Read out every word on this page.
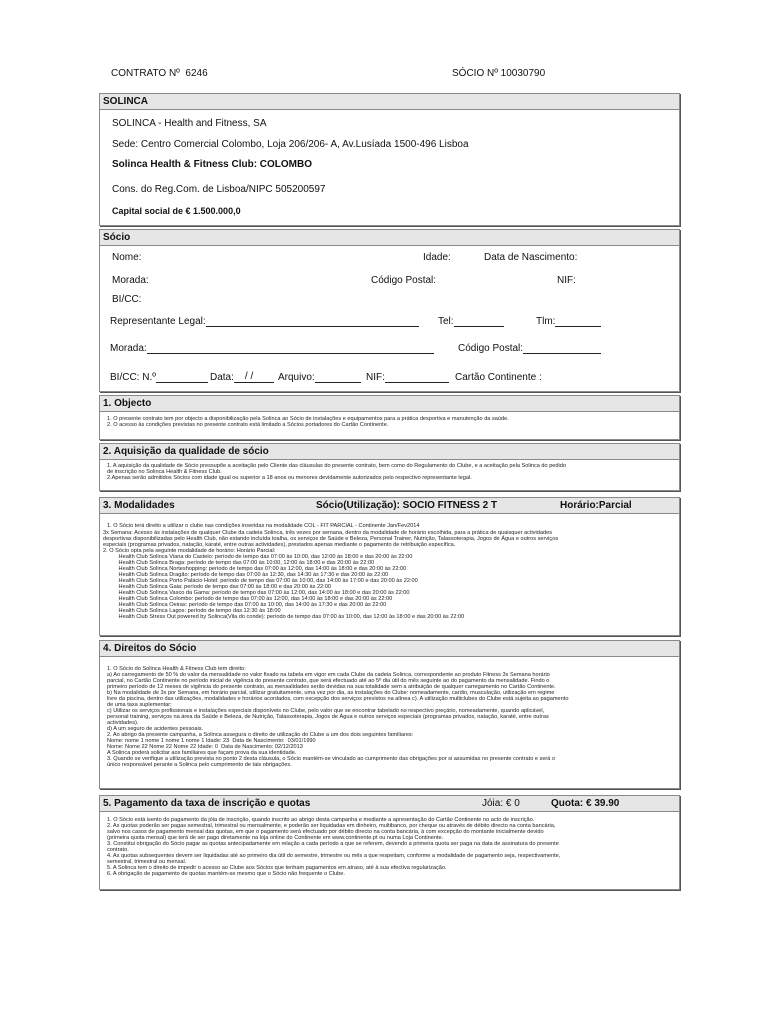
CONTRATO Nº 6246	SÓCIO Nº 10030790
SOLINCA
SOLINCA - Health and Fitness, SA
Sede: Centro Comercial Colombo, Loja 206/206- A, Av.Lusíada 1500-496 Lisboa
Solinca Health & Fitness Club: COLOMBO
Cons. do Reg.Com. de Lisboa/NIPC 505200597
Capital social de € 1.500.000,0
Sócio
Nome:	Idade:	Data de Nascimento:
Morada:	Código Postal:	NIF:
BI/CC:
Representante Legal:	Tel:	Tlm:
Morada:	Código Postal:
BI/CC: N.º	Data: / / Arquivo:	NIF:	Cartão Continente :
1. Objecto
1. O presente contrato tem por objecto a disponibilização pela Solinca ao Sócio de instalações e equipamentos para a prática desportiva e manutenção da saúde.
2. O acesso às condições previstas no presente contrato está limitado a Sócios portadores do Cartão Continente.
2. Aquisição da qualidade de sócio
1. A aquisição da qualidade de Sócio pressupõe a aceitação pelo Cliente das cláusulas do presente contrato, bem como do Regulamento do Clube, e a aceitação pela Solinca do pedido
de inscrição no Solinca Health & Fitness Club.
2.Apenas serão admitidos Sócios com idade igual ou superior a 18 anos ou menores devidamente autorizados pelo respectivo representante legal.
3. Modalidades	Sócio(Utilização): SOCIO FITNESS 2 T	Horário:Parcial
1. O Sócio terá direito a utilizar o clube nas condições inseridas na modalidade COL - FIT PARCIAL - Continente Jan/Fev2014
3x Semana: Acesso às instalações de qualquer Clube da cadeia Solinca, três vezes por semana, dentro da modalidade de horário escolhida, para a prática de quaisquer actividades
desportivas disponibilizadas pelo Health Club, não estando incluída toalha, os serviços de Saúde e Beleza, Personal Trainer, Nutrição, Talassoterapia, Jogos de Água e outros serviços
especiais (programas privados, natação, karaté, entre outras actividades), prestados apenas mediante o pagamento de retribuição específica.
2. O Sócio opta pela seguinte modalidade de horário: Horário Parcial:
Health Club Solinca Viana do Castelo: período de tempo das 07:00 às 10:00, das 12:00 às 18:00 e das 20:00 às 22:00
Health Club Solinca Braga: período de tempo das 07:00 às 10:00, 12:00 às 18:00 e das 20:00 às 22:00
Health Club Solinca Norteshopping: período de tempo das 07:00 às 12:00, das 14:00 às 18:00 e das 20:00 às 22:00
Health Club Solinca Dragão: período de tempo das 07:00 às 12:30, das 14:30 às 17:30 e das 20:00 às 22:00
Health Club Solinca Porto Palácio Hotel: período de tempo das 07:00 às 10:00, das 14:00 às 17:00 e das 20:00 às 22:00
Health Club Solinca Gaia: período de tempo das 07:00 às 18:00 e das 20:00 às 22:00
Health Club Solinca Vasco da Gama: período de tempo das 07:00 às 12:00, das 14:00 às 18:00 e das 20:00 às 22:00
Health Club Solinca Colombo: período de tempo das 07:00 às 12:00, das 14:00 às 18:00 e das 20:00 às 22:00
Health Club Solinca Oeiras: período de tempo das 07:00 às 10:00, das 14:00 às 17:30 e das 20:00 às 22:00
Health Club Solinca Lagos: período de tempo das 12:30 às 18:00
Health Club Stress Out powered by Solinca(Vila do conde): período de tempo das 07:00 às 10:00, das 12:00 às 18:00 e das 20:00 às 22:00
4. Direitos do Sócio
1. O Sócio do Solinca Health & Fitness Club tem direito:
a) Ao carregamento de 50 % do valor da mensalidade no valor fixado na tabela em vigor em cada Clube da cadeia Solinca, correspondente ao produto Fitness 3x Semana horário
parcial, no Cartão Continente no período inicial de vigência do presente contrato, que será efectuado até ao 5º dia útil do mês seguinte ao do pagamento da mensalidade. Findo o
primeiro período de 12 meses de vigência do presente contrato, as mensalidades serão devidas na sua totalidade sem a atribuição de qualquer carregamento no Cartão Continente.
b) Na modalidade de 3x por Semana, em horário parcial, utilizar gratuitamente, uma vez por dia, as instalações do Clube: nomeadamente, cardio, musculação, utilização em regime
livre da piscina, dentro das utilizações, modalidades e horários acordados, com excepção dos serviços previstos na alínea c). A utilização multiclubes do Clube está sujeita ao pagamento
de uma taxa suplementar;
c) Utilizar os serviços profissionais e instalações especiais disponíveis no Clube, pelo valor que se encontrar tabelado no respectivo preçário, nomeadamente, quando aplicável,
personal training, serviços na área da Saúde e Beleza, de Nutrição, Talassoterapia, Jogos de Água e outros serviços especiais (programas privados, natação, karaté, entre outras
actividades).
d) A um seguro de acidentes pessoais.
2. Ao abrigo da presente campanha, a Solinca assegura o direito de utilização do Clube a um dos dois seguintes familiares:
Nome: nome 1 nome 1 nome 1 nome 1 Idade: 23  Data de Nascimento:  03/01/1990
Nome: Nome 22 Nome 22 Nome 22 Idade: 0  Data de Nascimento: 02/12/2013
A Solinca poderá solicitar aos familiares que façam prova da sua identidade.
3. Quando se verifique a utilização prevista no ponto 2 desta cláusula, o Sócio mantém-se vinculado ao cumprimento das obrigações por si assumidas no presente contrato e será o
único responsável perante a Solinca pelo cumprimento de tais obrigações.
5. Pagamento da taxa de inscrição e quotas	Jóia: € 0	Quota: € 39.90
1. O Sócio está isento do pagamento da jóia de inscrição, quando inscrito ao abrigo desta campanha e mediante a apresentação do Cartão Continente no acto de inscrição.
2. As quotas poderão ser pagas semestral, trimestral ou mensalmente, e poderão ser liquidadas em dinheiro, multibanco, por cheque ou através de débito directo na conta bancária,
salvo nos casos de pagamento mensal das quotas, em que o pagamento será efectuado por débito directo na conta bancária, à com excepção do montante inicialmente devido
(primeira quota mensal) que terá de ser pago diretamente na loja online do Continente em www.continente.pt ou numa Loja Continente.
3. Constitui obrigação do Sócio pagar as quotas antecipadamente em relação a cada período a que se referem, devendo a primeira quota ser paga na data de assinatura do presente
contrato.
4. As quotas subsequentes devem ser liquidadas até ao primeiro dia útil do semestre, trimestre ou mês a que respeitam, conforme a modalidade de pagamento seja, respectivamente,
semestral, trimestral ou mensal.
5. A Solinca tem o direito de impedir o acesso ao Clube aos Sócios que tenham pagamentos em atraso, até à sua efectiva regularização.
6. A obrigação de pagamento de quotas mantém-se mesmo que o Sócio não frequente o Clube.
